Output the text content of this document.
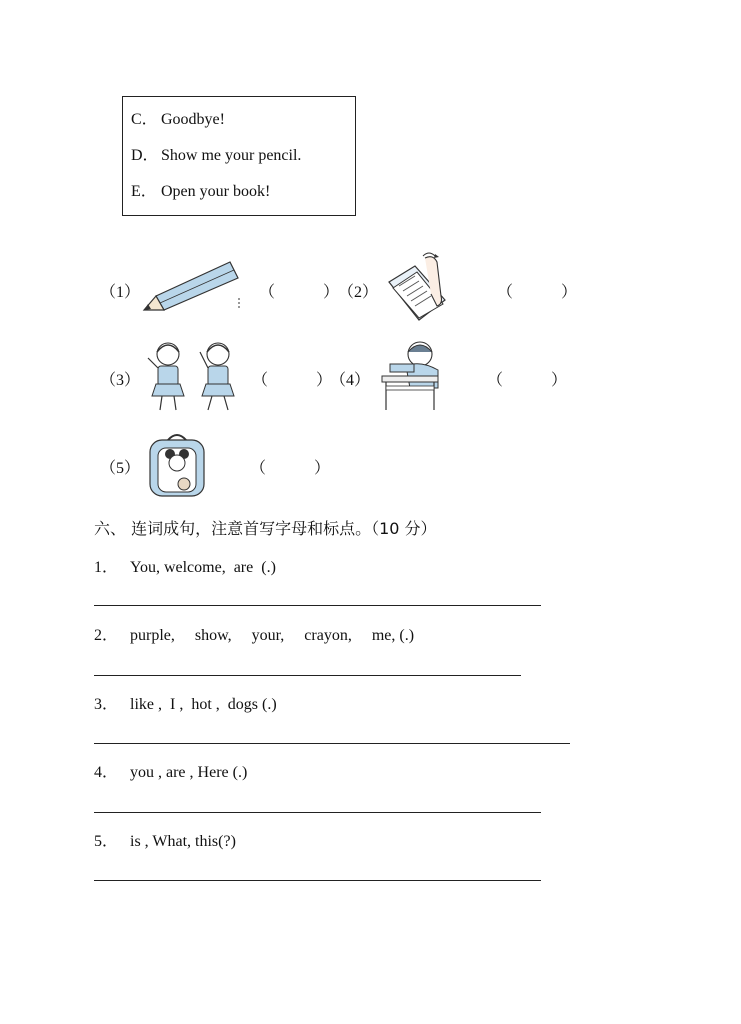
C． Goodbye!
D． Show me your pencil.
E． Open your book!
（1）	（　　　）
（2）	（　　　）
（3）	（　　　）
（4）	（　　　）
（5）	（　　　）
六、 连词成句，注意首写字母和标点。（10 分）
1． You, welcome,  are  (.)
2． purple,     show,     your,     crayon,     me, (.)
3． like ,  I ,  hot ,  dogs (.)
4． you , are , Here (.)
5． is , What, this(?)
